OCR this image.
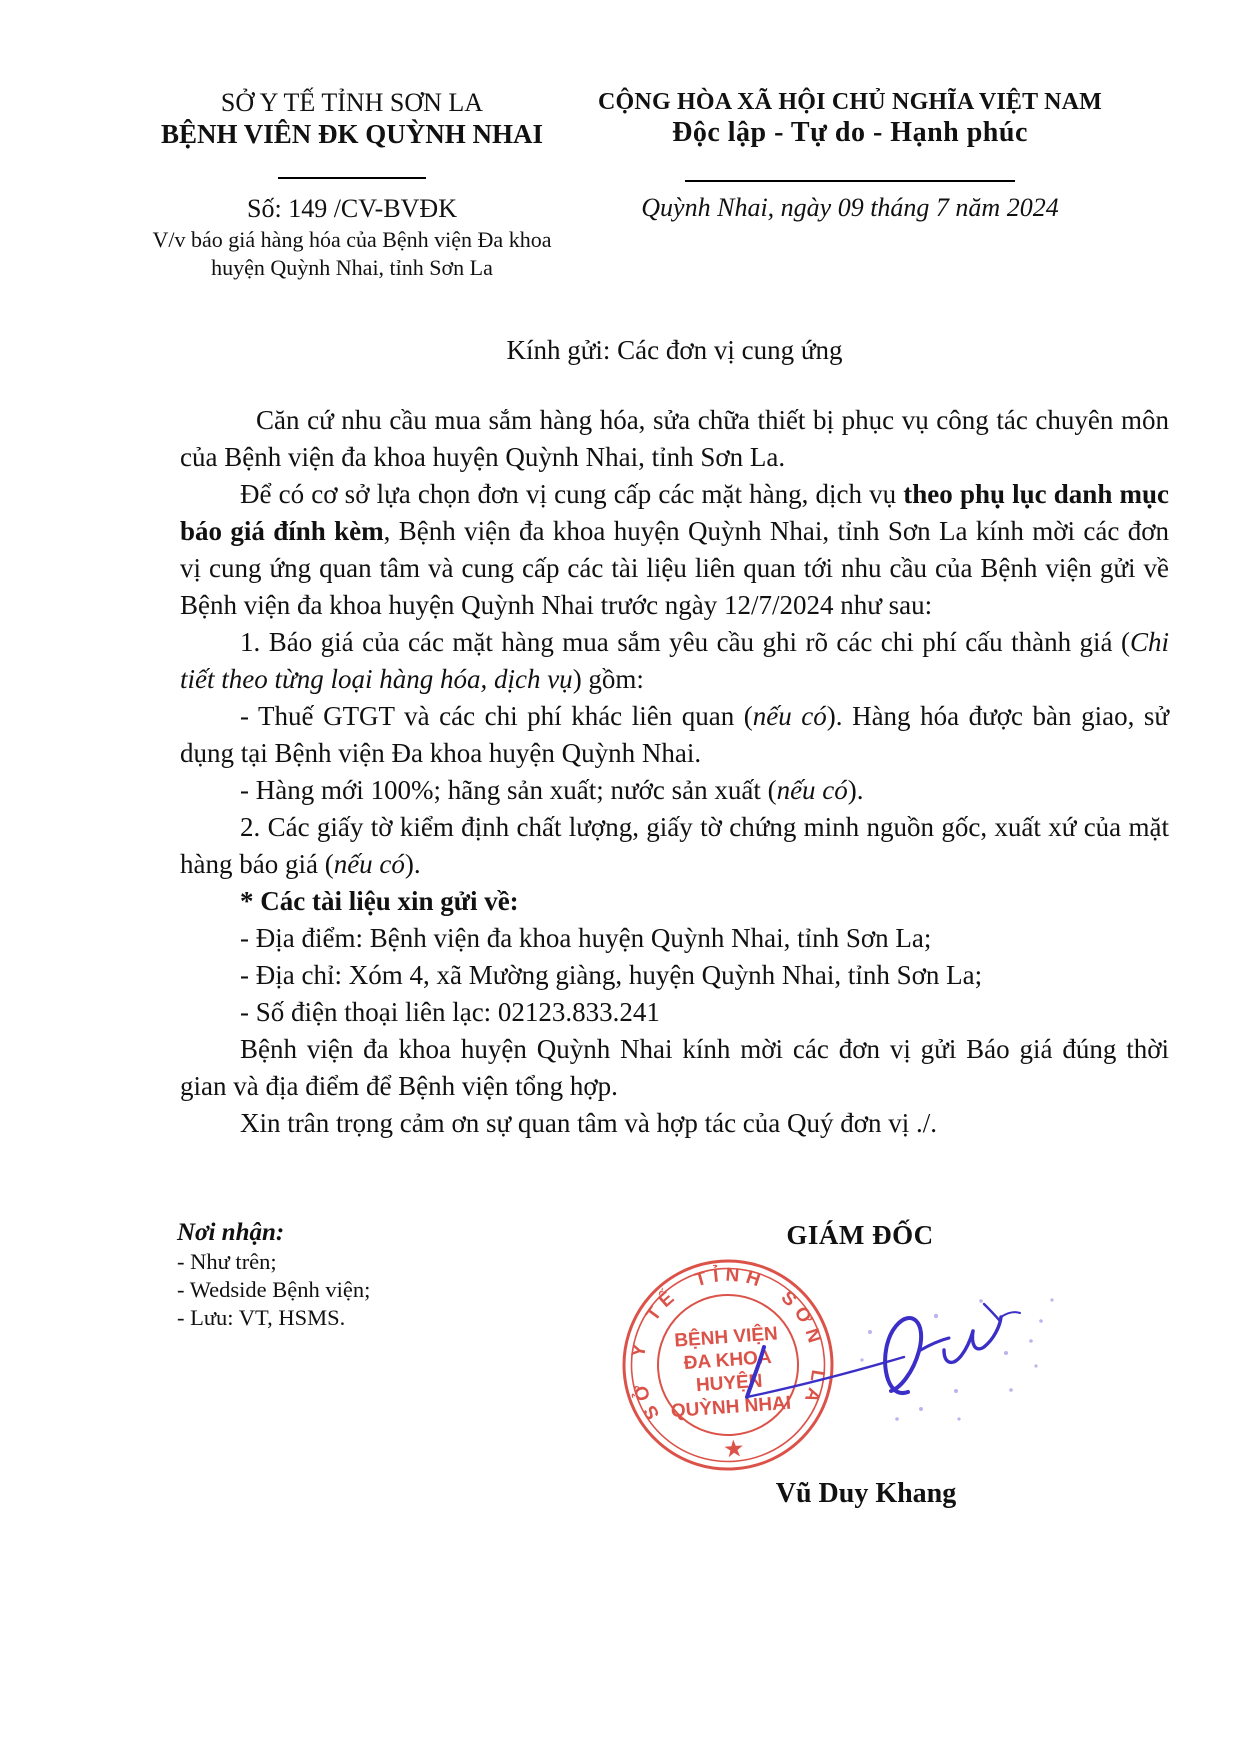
SỞ Y TẾ TỈNH SƠN LA
BỆNH VIÊN ĐK QUỲNH NHAI
Số: 149 /CV-BVĐK
V/v báo giá hàng hóa của Bệnh viện Đa khoa
huyện Quỳnh Nhai, tỉnh Sơn La
CỘNG HÒA XÃ HỘI CHỦ NGHĨA VIỆT NAM
Độc lập - Tự do - Hạnh phúc
Quỳnh Nhai, ngày 09 tháng 7 năm 2024
Kính gửi: Các đơn vị cung ứng

Căn cứ nhu cầu mua sắm hàng hóa, sửa chữa thiết bị phục vụ công tác chuyên môn của Bệnh viện đa khoa huyện Quỳnh Nhai, tỉnh Sơn La.

Để có cơ sở lựa chọn đơn vị cung cấp các mặt hàng, dịch vụ theo phụ lục danh mục báo giá đính kèm, Bệnh viện đa khoa huyện Quỳnh Nhai, tỉnh Sơn La kính mời các đơn vị cung ứng quan tâm và cung cấp các tài liệu liên quan tới nhu cầu của Bệnh viện gửi về Bệnh viện đa khoa huyện Quỳnh Nhai trước ngày 12/7/2024 như sau:

1. Báo giá của các mặt hàng mua sắm yêu cầu ghi rõ các chi phí cấu thành giá (Chi tiết theo từng loại hàng hóa, dịch vụ) gồm:

- Thuế GTGT và các chi phí khác liên quan (nếu có). Hàng hóa được bàn giao, sử dụng tại Bệnh viện Đa khoa huyện Quỳnh Nhai.

- Hàng mới 100%; hãng sản xuất; nước sản xuất (nếu có).

2. Các giấy tờ kiểm định chất lượng, giấy tờ chứng minh nguồn gốc, xuất xứ của mặt hàng báo giá (nếu có).

* Các tài liệu xin gửi về:

- Địa điểm: Bệnh viện đa khoa huyện Quỳnh Nhai, tỉnh Sơn La;

- Địa chỉ: Xóm 4, xã Mường giàng, huyện Quỳnh Nhai, tỉnh Sơn La;

- Số điện thoại liên lạc: 02123.833.241

Bệnh viện đa khoa huyện Quỳnh Nhai kính mời các đơn vị gửi Báo giá đúng thời gian và địa điểm để Bệnh viện tổng hợp.

Xin trân trọng cảm ơn sự quan tâm và hợp tác của Quý đơn vị ./.

Nơi nhận:
- Như trên;
- Wedside Bệnh viện;
- Lưu: VT, HSMS.
GIÁM ĐỐC
SỞ Y TẾ TỈNH SƠN LA
BỆNH VIỆN
ĐA KHOA
HUYỆN
QUỲNH NHAI
★
Vũ Duy Khang
